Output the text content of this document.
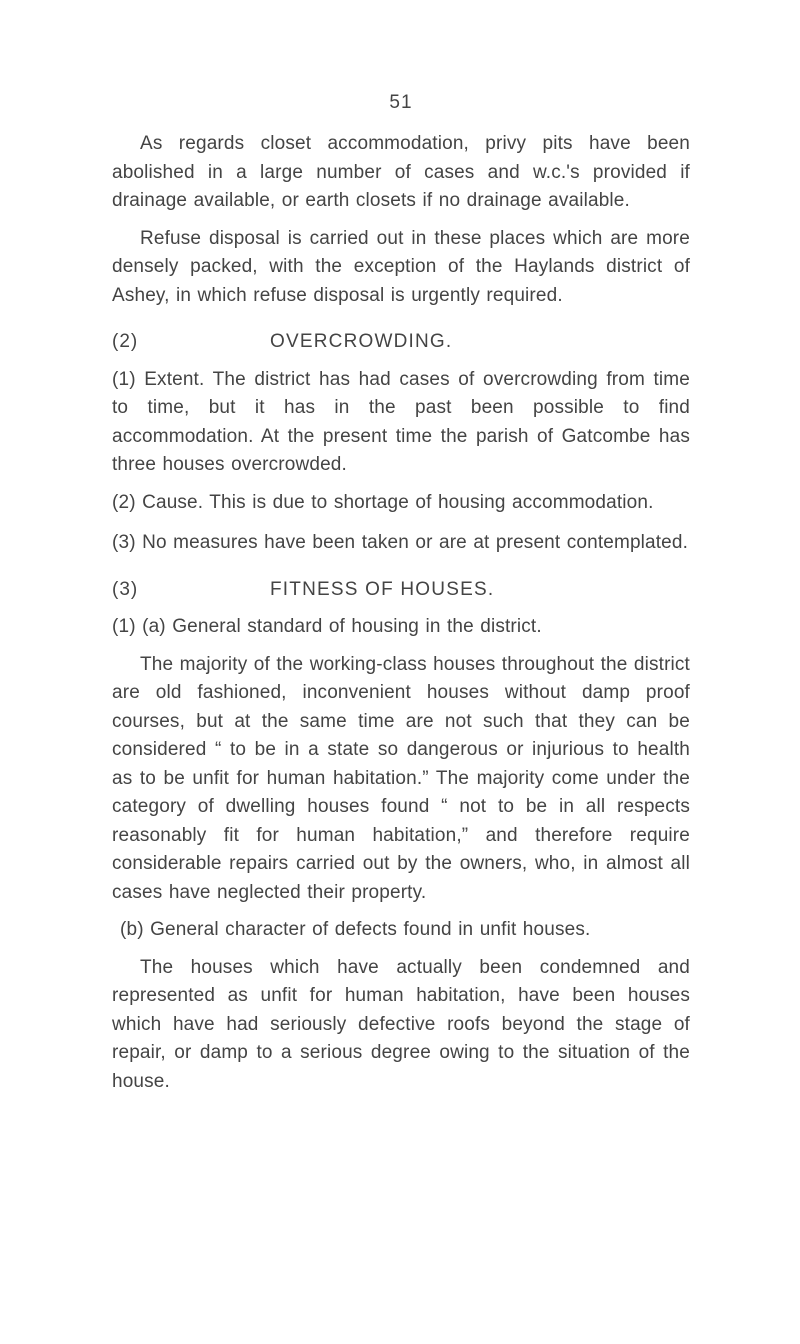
51

As regards closet accommodation, privy pits have been abolished in a large number of cases and w.c.'s provided if drainage available, or earth closets if no drainage available.

Refuse disposal is carried out in these places which are more densely packed, with the exception of the Haylands district of Ashey, in which refuse disposal is urgently required.

(2)	OVERCROWDING.

(1) Extent. The district has had cases of overcrowding from time to time, but it has in the past been possible to find accommodation. At the present time the parish of Gatcombe has three houses overcrowded.

(2) Cause. This is due to shortage of housing accommodation.

(3) No measures have been taken or are at present contemplated.

(3)	FITNESS OF HOUSES.

(1) (a) General standard of housing in the district.

The majority of the working-class houses throughout the district are old fashioned, inconvenient houses without damp proof courses, but at the same time are not such that they can be considered “ to be in a state so dangerous or injurious to health as to be unfit for human habitation.” The majority come under the category of dwelling houses found “ not to be in all respects reasonably fit for human habitation,” and therefore require considerable repairs carried out by the owners, who, in almost all cases have neglected their property.

(b) General character of defects found in unfit houses.

The houses which have actually been condemned and represented as unfit for human habitation, have been houses which have had seriously defective roofs beyond the stage of repair, or damp to a serious degree owing to the situation of the house.
